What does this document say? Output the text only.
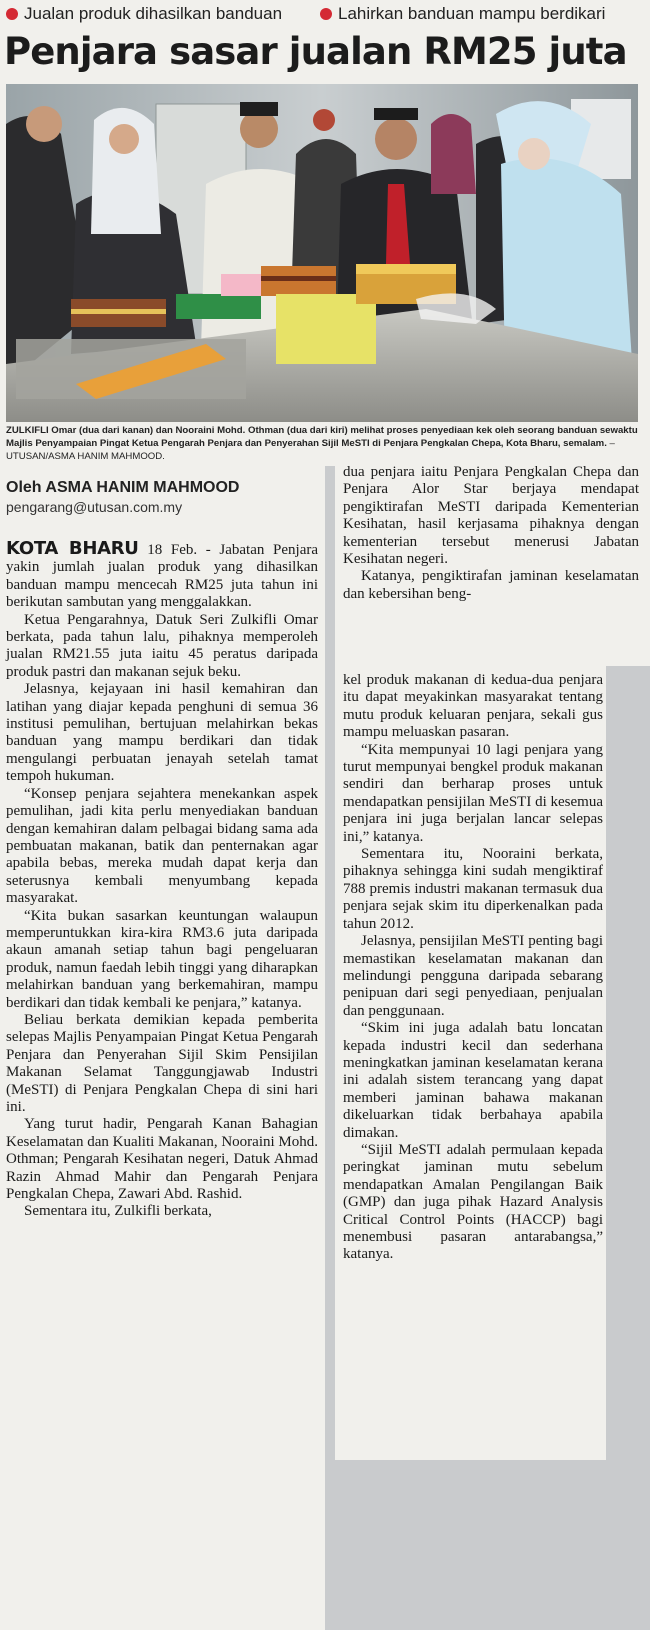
Jualan produk dihasilkan banduan	Lahirkan banduan mampu berdikari
Penjara sasar jualan RM25 juta
ZULKIFLI Omar (dua dari kanan) dan Nooraini Mohd. Othman (dua dari kiri) melihat proses penyediaan kek oleh seorang banduan sewaktu Majlis Penyampaian Pingat Ketua Pengarah Penjara dan Penyerahan Sijil MeSTI di Penjara Pengkalan Chepa, Kota Bharu, semalam. – UTUSAN/ASMA HANIM MAHMOOD.
Oleh ASMA HANIM MAHMOOD
pengarang@utusan.com.my

KOTA BHARU 18 Feb. - Jabatan Penjara yakin jumlah jualan produk yang dihasilkan banduan mampu mencecah RM25 juta tahun ini berikutan sambutan yang menggalakkan.

Ketua Pengarahnya, Datuk Seri Zulkifli Omar berkata, pada tahun lalu, pihaknya memperoleh jualan RM21.55 juta iaitu 45 peratus daripada produk pastri dan makanan sejuk beku.

Jelasnya, kejayaan ini hasil kemahiran dan latihan yang diajar kepada penghuni di semua 36 institusi pemulihan, bertujuan melahirkan bekas banduan yang mampu berdikari dan tidak mengulangi perbuatan jenayah setelah tamat tempoh hukuman.

“Konsep penjara sejahtera menekankan aspek pemulihan, jadi kita perlu menyediakan banduan dengan kemahiran dalam pelbagai bidang sama ada pembuatan makanan, batik dan penternakan agar apabila bebas, mereka mudah dapat kerja dan seterusnya kembali menyumbang kepada masyarakat.

“Kita bukan sasarkan keuntungan walaupun memperuntukkan kira-kira RM3.6 juta daripada akaun amanah setiap tahun bagi pengeluaran produk, namun faedah lebih tinggi yang diharapkan melahirkan banduan yang berkemahiran, mampu berdikari dan tidak kembali ke penjara,” katanya.

Beliau berkata demikian kepada pemberita selepas Majlis Penyampaian Pingat Ketua Pengarah Penjara dan Penyerahan Sijil Skim Pensijilan Makanan Selamat Tanggungjawab Industri (MeSTI) di Penjara Pengkalan Chepa di sini hari ini.

Yang turut hadir, Pengarah Kanan Bahagian Keselamatan dan Kualiti Makanan, Nooraini Mohd. Othman; Pengarah Kesihatan negeri, Datuk Ahmad Razin Ahmad Mahir dan Pengarah Penjara Pengkalan Chepa, Zawari Abd. Rashid.

Sementara itu, Zulkifli berkata,

dua penjara iaitu Penjara Pengkalan Chepa dan Penjara Alor Star berjaya mendapat pengiktirafan MeSTI daripada Kementerian Kesihatan, hasil kerjasama pihaknya dengan kementerian tersebut menerusi Jabatan Kesihatan negeri.

Katanya, pengiktirafan jaminan keselamatan dan kebersihan beng-

kel produk makanan di kedua-dua penjara itu dapat meyakinkan masyarakat tentang mutu produk keluaran penjara, sekali gus mampu meluaskan pasaran.

“Kita mempunyai 10 lagi penjara yang turut mempunyai bengkel produk makanan sendiri dan berharap proses untuk mendapatkan pensijilan MeSTI di kesemua penjara ini juga berjalan lancar selepas ini,” katanya.

Sementara itu, Nooraini berkata, pihaknya sehingga kini sudah mengiktiraf 788 premis industri makanan termasuk dua penjara sejak skim itu diperkenalkan pada tahun 2012.

Jelasnya, pensijilan MeSTI penting bagi memastikan keselamatan makanan dan melindungi pengguna daripada sebarang penipuan dari segi penyediaan, penjualan dan penggunaan.

“Skim ini juga adalah batu loncatan kepada industri kecil dan sederhana meningkatkan jaminan keselamatan kerana ini adalah sistem terancang yang dapat memberi jaminan bahawa makanan dikeluarkan tidak berbahaya apabila dimakan.

“Sijil MeSTI adalah permulaan kepada peringkat jaminan mutu sebelum mendapatkan Amalan Pengilangan Baik (GMP) dan juga pihak Hazard Analysis Critical Control Points (HACCP) bagi menembusi pasaran antarabangsa,” katanya.
